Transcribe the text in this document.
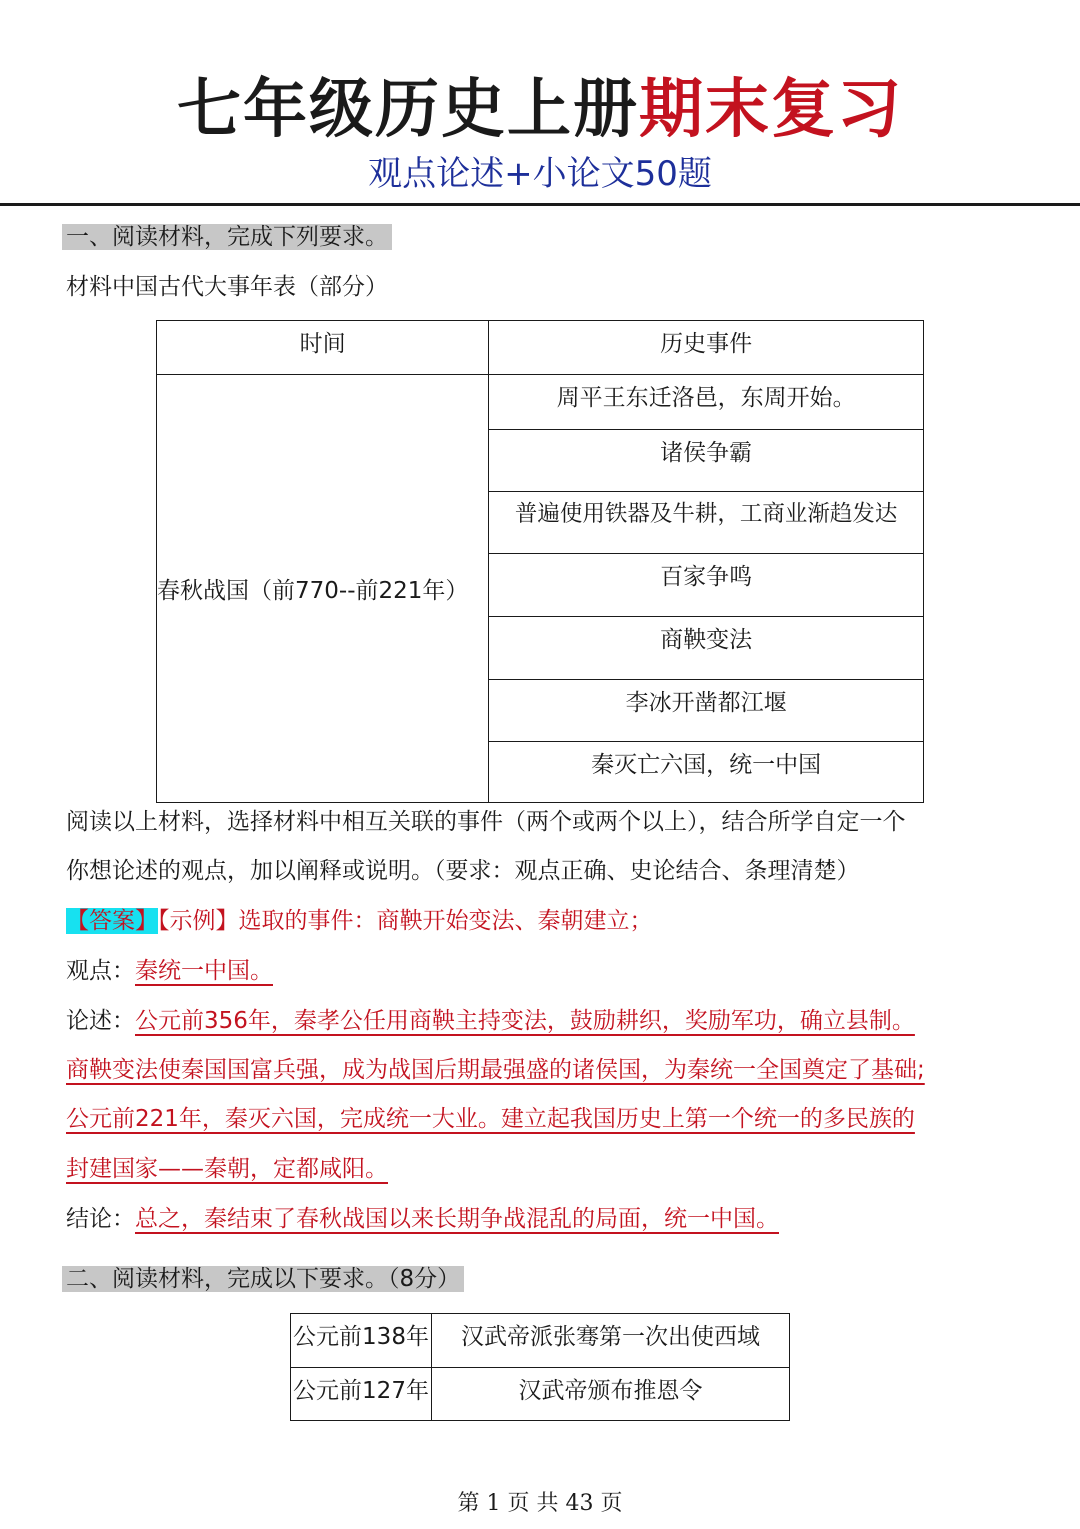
七年级历史上册期末复习
观点论述+小论文50题
一、阅读材料，完成下列要求。
材料中国古代大事年表（部分）
时间	历史事件
春秋战国（前770--前221年）	周平王东迁洛邑，东周开始。
	诸侯争霸
	普遍使用铁器及牛耕，工商业渐趋发达
	百家争鸣
	商鞅变法
	李冰开凿都江堰
	秦灭亡六国，统一中国
阅读以上材料，选择材料中相互关联的事件（两个或两个以上），结合所学自定一个
你想论述的观点，加以阐释或说明。（要求：观点正确、史论结合、条理清楚）
【答案】【示例】选取的事件：商鞅开始变法、秦朝建立；
观点：秦统一中国。
论述：公元前356年，秦孝公任用商鞅主持变法，鼓励耕织，奖励军功，确立县制。
商鞅变法使秦国国富兵强，成为战国后期最强盛的诸侯国，为秦统一全国奠定了基础;
公元前221年，秦灭六国，完成统一大业。建立起我国历史上第一个统一的多民族的
封建国家——秦朝，定都咸阳。
结论：总之，秦结束了春秋战国以来长期争战混乱的局面，统一中国。
二、阅读材料，完成以下要求。（8分）
公元前138年	汉武帝派张骞第一次出使西域
公元前127年	汉武帝颁布推恩令
第 1 页 共 43 页
